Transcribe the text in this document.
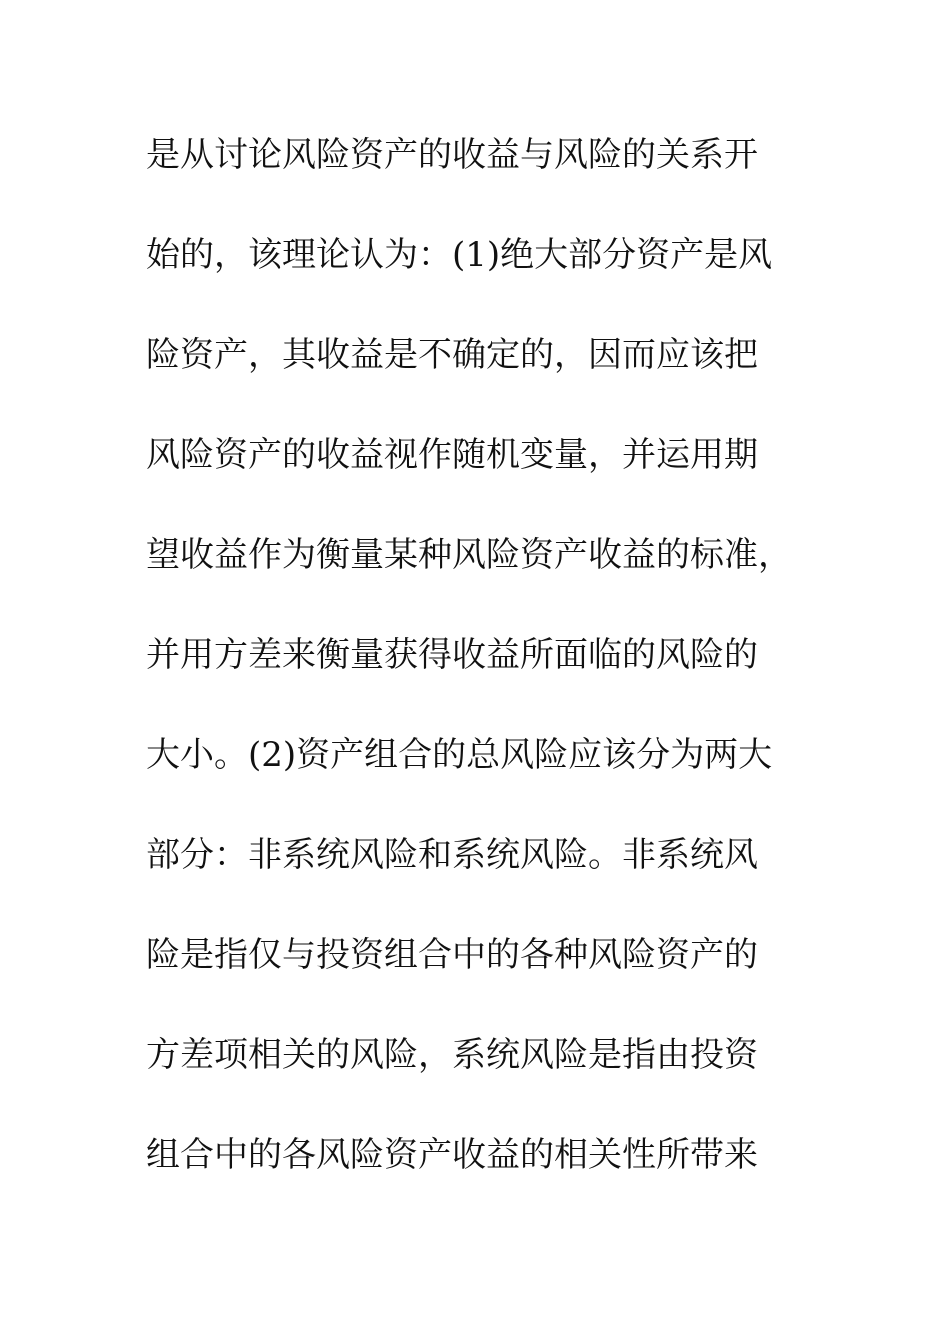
是从讨论风险资产的收益与风险的关系开
始的，该理论认为：(1)绝大部分资产是风
险资产，其收益是不确定的，因而应该把
风险资产的收益视作随机变量，并运用期
望收益作为衡量某种风险资产收益的标准，
并用方差来衡量获得收益所面临的风险的
大小。(2)资产组合的总风险应该分为两大
部分：非系统风险和系统风险。非系统风
险是指仅与投资组合中的各种风险资产的
方差项相关的风险，系统风险是指由投资
组合中的各风险资产收益的相关性所带来
